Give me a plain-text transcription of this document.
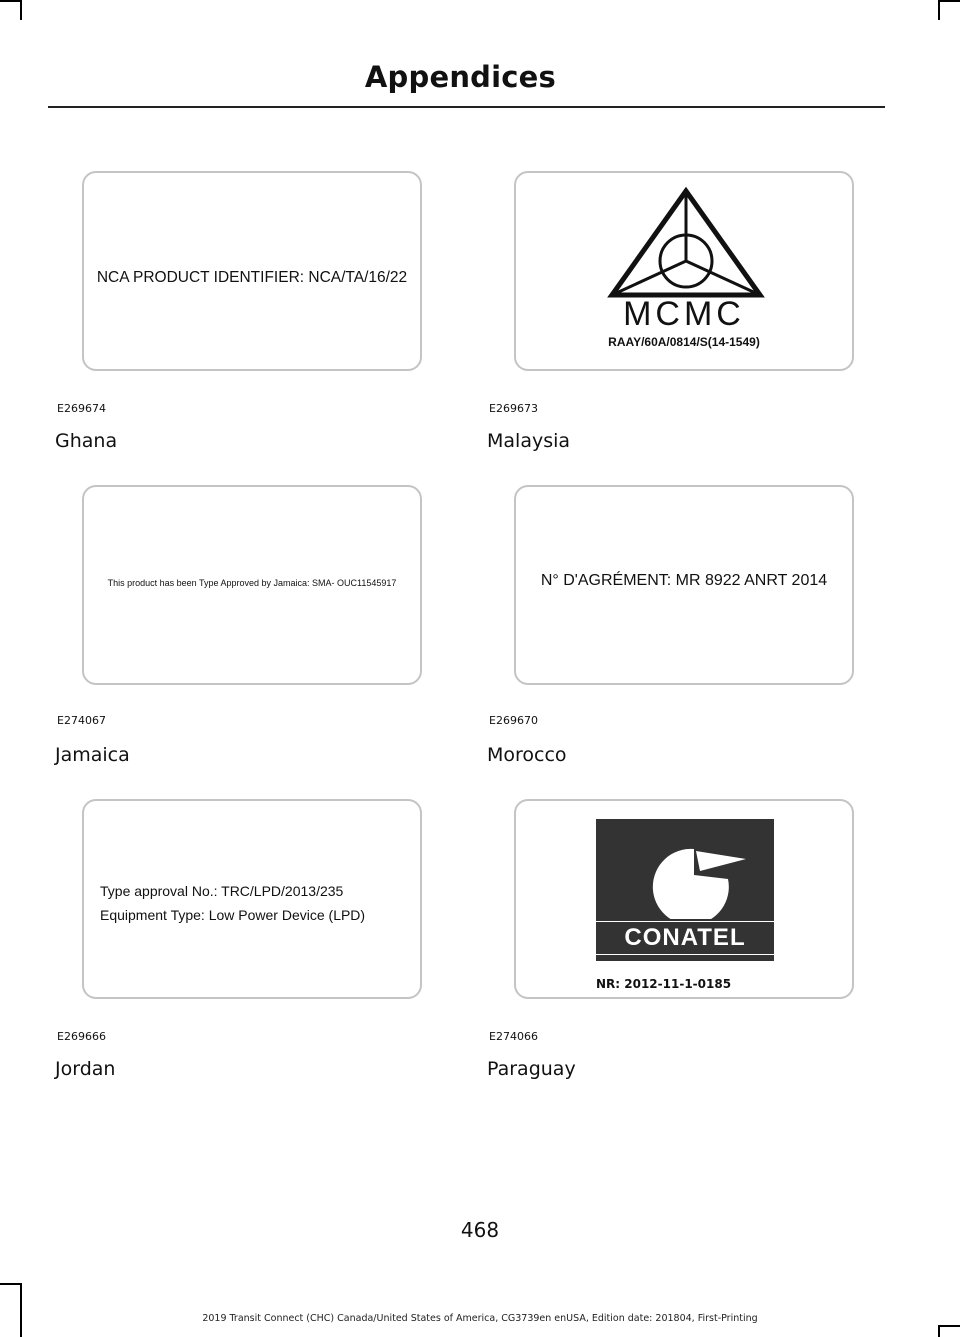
Appendices
NCA PRODUCT IDENTIFIER: NCA/TA/16/22
E269674
Ghana
MCMC
RAAY/60A/0814/S(14-1549)
E269673
Malaysia
This product has been Type Approved by Jamaica: SMA- OUC11545917
E274067
Jamaica
N° D'AGRÉMENT: MR 8922 ANRT 2014
E269670
Morocco
Type approval No.: TRC/LPD/2013/235
Equipment Type: Low Power Device (LPD)
E269666
Jordan
CONATEL
NR: 2012-11-1-0185
E274066
Paraguay
468
2019 Transit Connect (CHC) Canada/United States of America, CG3739en enUSA, Edition date: 201804, First-Printing
